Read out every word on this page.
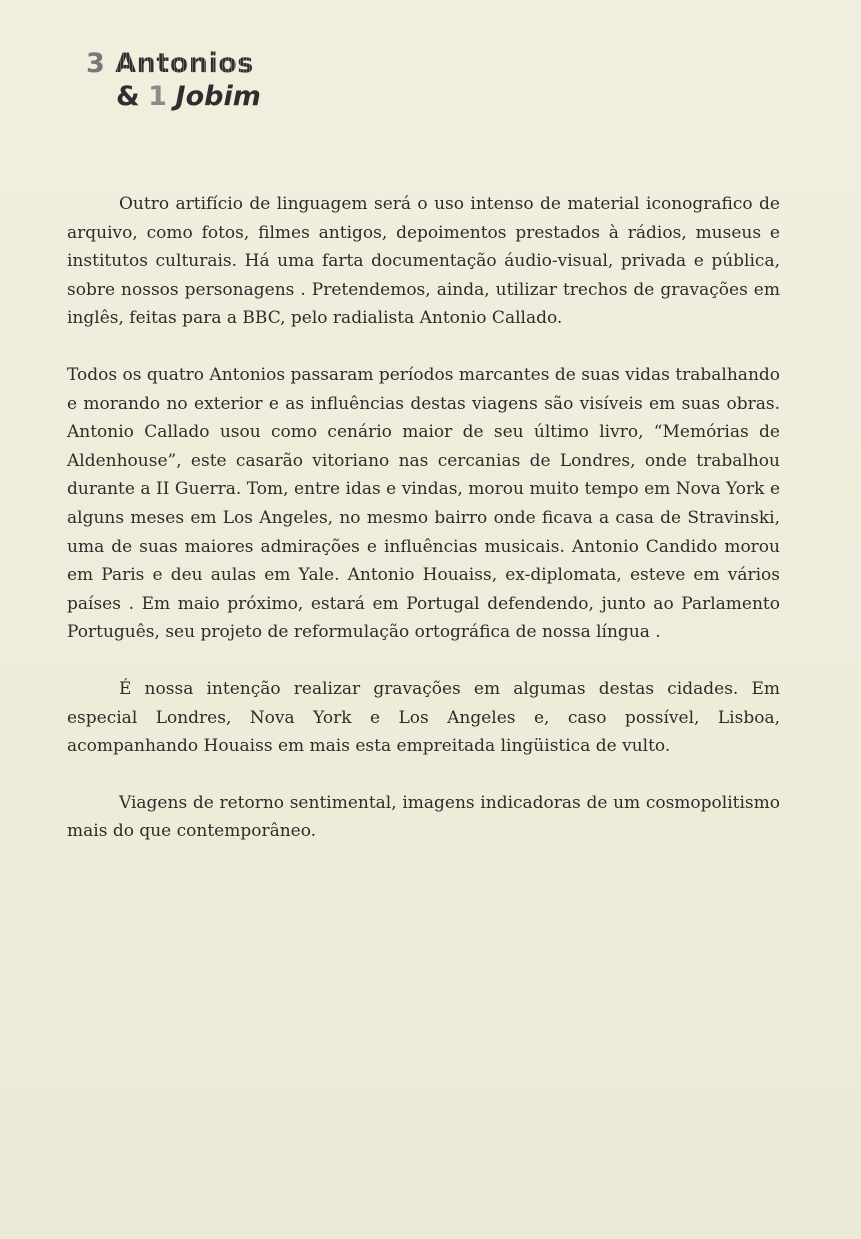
3 Antonios
& 1 Jobim

Outro artifício de linguagem será o uso intenso de material iconografico de arquivo, como fotos, filmes antigos, depoimentos prestados à rádios, museus e institutos culturais. Há uma farta documentação áudio-visual, privada e pública, sobre nossos personagens . Pretendemos, ainda, utilizar trechos de gravações em inglês, feitas para a BBC, pelo radialista Antonio Callado.

Todos os quatro Antonios passaram períodos marcantes de suas vidas trabalhando e morando no exterior e as influências destas viagens são visíveis em suas obras. Antonio Callado usou como cenário maior de seu último livro, “Memórias de Aldenhouse”, este casarão vitoriano nas cercanias de Londres, onde trabalhou durante a II Guerra. Tom, entre idas e vindas, morou muito tempo em Nova York e alguns meses em Los Angeles, no mesmo bairro onde ficava a casa de Stravinski, uma de suas maiores admirações e influências musicais. Antonio Candido morou em Paris e deu aulas em Yale. Antonio Houaiss, ex-diplomata, esteve em vários países . Em maio próximo, estará em Portugal defendendo, junto ao Parlamento Português, seu projeto de reformulação ortográfica de nossa língua .

É nossa intenção realizar gravações em algumas destas cidades. Em especial Londres, Nova York e Los Angeles e, caso possível, Lisboa, acompanhando Houaiss em mais esta empreitada lingüistica de vulto.

Viagens de retorno sentimental, imagens indicadoras de um cosmopolitismo mais do que contemporâneo.
